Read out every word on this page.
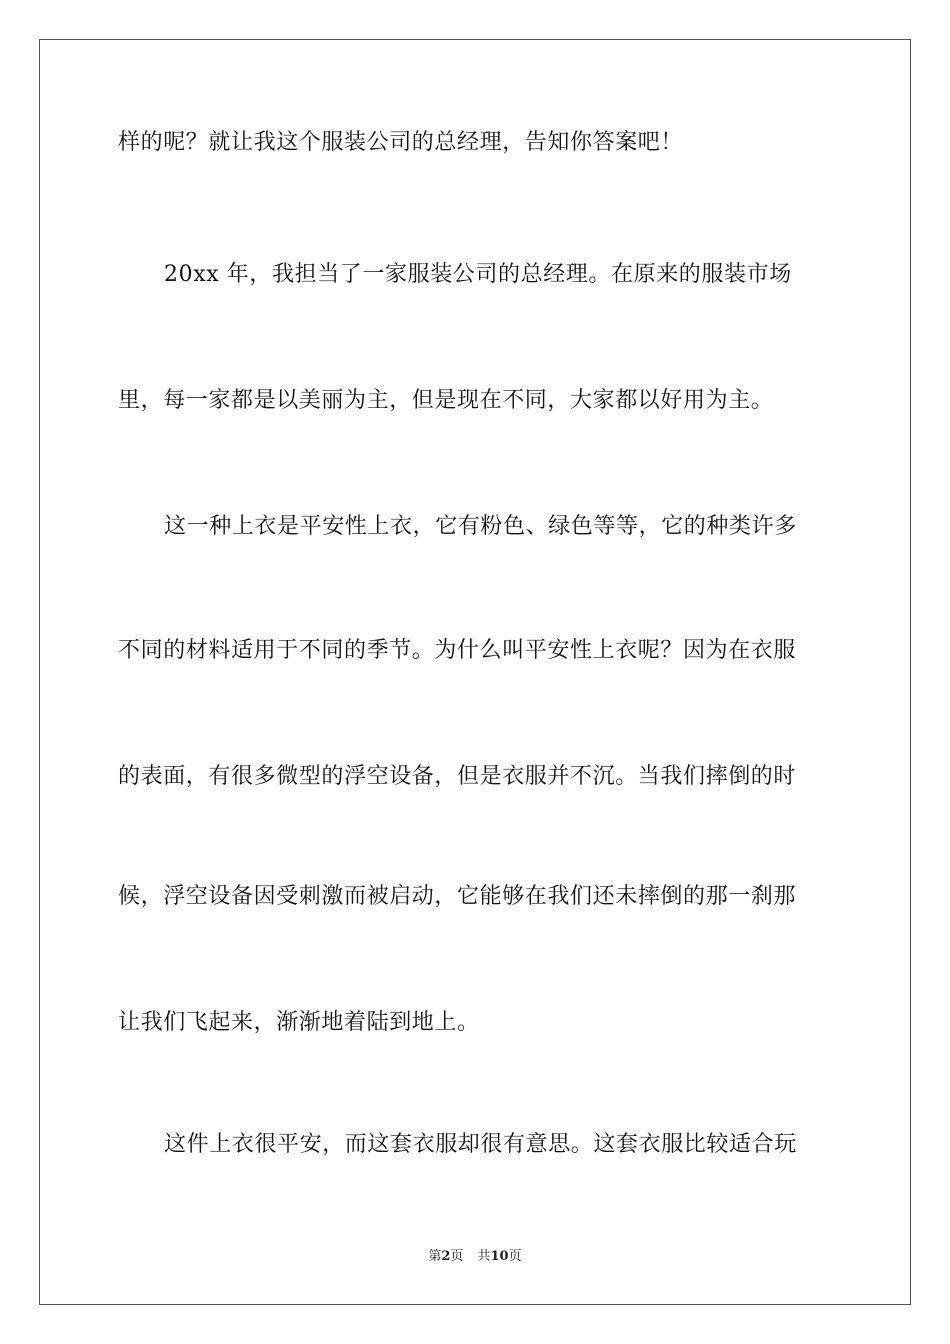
样的呢？就让我这个服装公司的总经理，告知你答案吧！
20xx 年，我担当了一家服装公司的总经理。在原来的服装市场
里，每一家都是以美丽为主，但是现在不同，大家都以好用为主。
这一种上衣是平安性上衣，它有粉色、绿色等等，它的种类许多
不同的材料适用于不同的季节。为什么叫平安性上衣呢？因为在衣服
的表面，有很多微型的浮空设备，但是衣服并不沉。当我们摔倒的时
候，浮空设备因受刺激而被启动，它能够在我们还未摔倒的那一刹那
让我们飞起来，渐渐地着陆到地上。
这件上衣很平安，而这套衣服却很有意思。这套衣服比较适合玩
第2页 共10页
